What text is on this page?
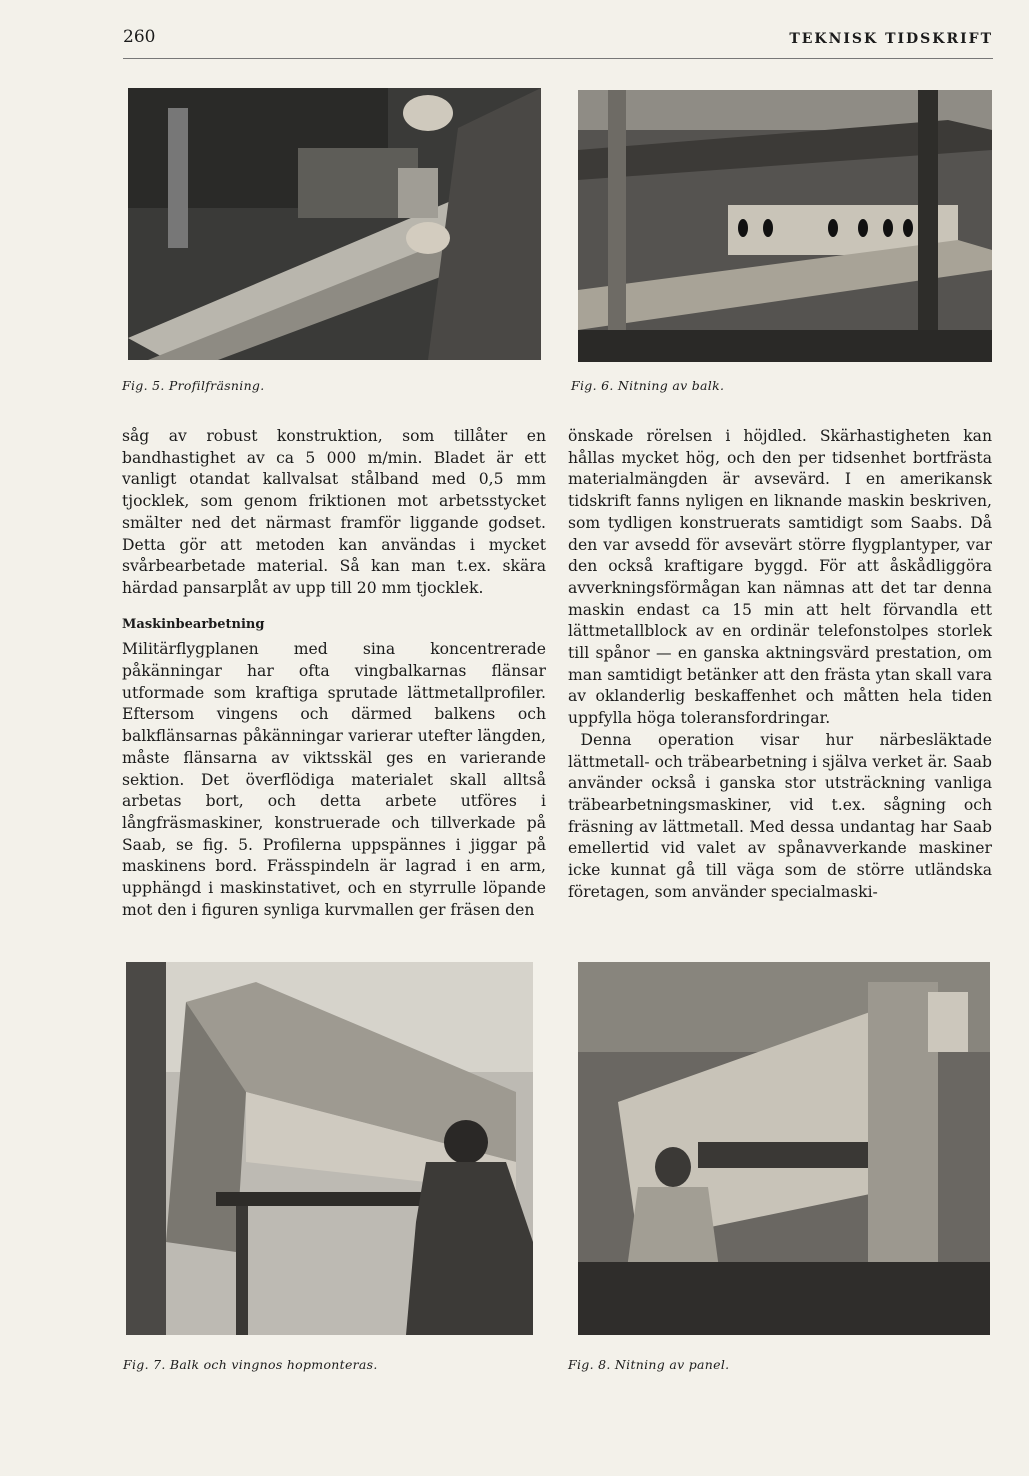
260	TEKNISK TIDSKRIFT
Fig. 5. Profilfräsning.	Fig. 6. Nitning av balk.

såg av robust konstruktion, som tillåter en bandhastighet av ca 5 000 m/min. Bladet är ett vanligt otandat kallvalsat stålband med 0,5 mm tjocklek, som genom friktionen mot arbetsstycket smälter ned det närmast framför liggande godset. Detta gör att metoden kan användas i mycket svårbearbetade material. Så kan man t.ex. skära härdad pansarplåt av upp till 20 mm tjocklek.

Maskinbearbetning

Militärflygplanen med sina koncentrerade påkänningar har ofta vingbalkarnas flänsar utformade som kraftiga sprutade lättmetallprofiler. Eftersom vingens och därmed balkens och balkflänsarnas påkänningar varierar utefter längden, måste flänsarna av viktsskäl ges en varierande sektion. Det överflödiga materialet skall alltså arbetas bort, och detta arbete utföres i långfräsmaskiner, konstruerade och tillverkade på Saab, se fig. 5. Profilerna uppspännes i jiggar på maskinens bord. Frässpindeln är lagrad i en arm, upphängd i maskinstativet, och en styrrulle löpande mot den i figuren synliga kurvmallen ger fräsen den

önskade rörelsen i höjdled. Skärhastigheten kan hållas mycket hög, och den per tidsenhet bortfrästa materialmängden är avsevärd. I en amerikansk tidskrift fanns nyligen en liknande maskin beskriven, som tydligen konstruerats samtidigt som Saabs. Då den var avsedd för avsevärt större flygplantyper, var den också kraftigare byggd. För att åskådliggöra avverkningsförmågan kan nämnas att det tar denna maskin endast ca 15 min att helt förvandla ett lättmetallblock av en ordinär telefonstolpes storlek till spånor — en ganska aktningsvärd prestation, om man samtidigt betänker att den frästa ytan skall vara av oklanderlig beskaffenhet och måtten hela tiden uppfylla höga toleransfordringar.

Denna operation visar hur närbesläktade lättmetall- och träbearbetning i själva verket är. Saab använder också i ganska stor utsträckning vanliga träbearbetningsmaskiner, vid t.ex. sågning och fräsning av lättmetall. Med dessa undantag har Saab emellertid vid valet av spånavverkande maskiner icke kunnat gå till väga som de större utländska företagen, som använder specialmaski-

Fig. 7. Balk och vingnos hopmonteras.	Fig. 8. Nitning av panel.
